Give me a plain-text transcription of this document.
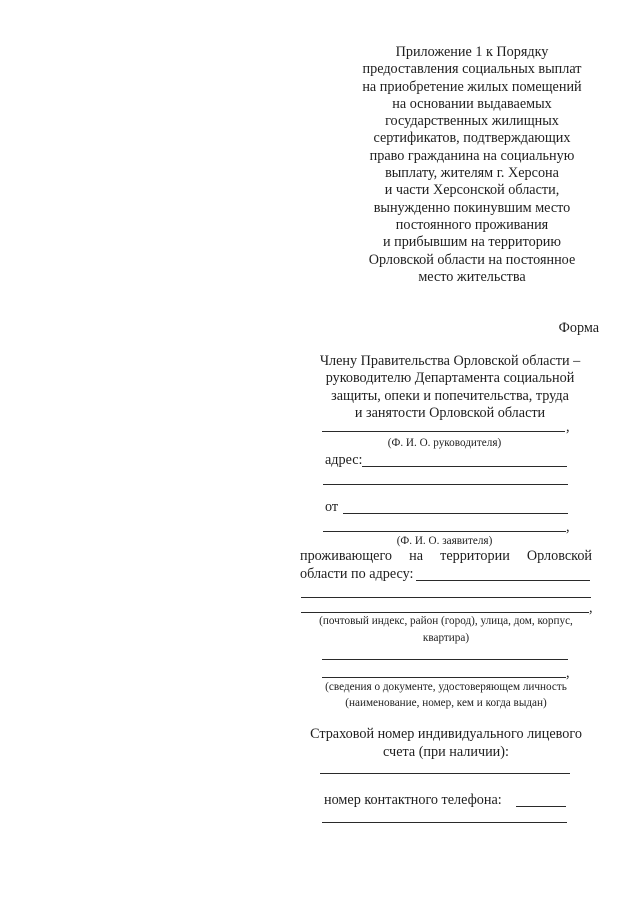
Приложение 1 к Порядку
предоставления социальных выплат
на приобретение жилых помещений
на основании выдаваемых
государственных жилищных
сертификатов, подтверждающих
право гражданина на социальную
выплату, жителям г. Херсона
и части Херсонской области,
вынужденно покинувшим место
постоянного проживания
и прибывшим на территорию
Орловской области на постоянное
место жительства
Форма
Члену Правительства Орловской области –
руководителю Департамента социальной
защиты, опеки и попечительства, труда
и занятости Орловской области
,
(Ф. И. О. руководителя)
адрес:
от
,
(Ф. И. О. заявителя)
проживающего на территории Орловской
области по адресу:
,
(почтовый индекс, район (город), улица, дом, корпус,
квартира)
,
(сведения о документе, удостоверяющем личность
(наименование, номер, кем и когда выдан)
Страховой номер индивидуального лицевого
счета (при наличии):
номер контактного телефона:
